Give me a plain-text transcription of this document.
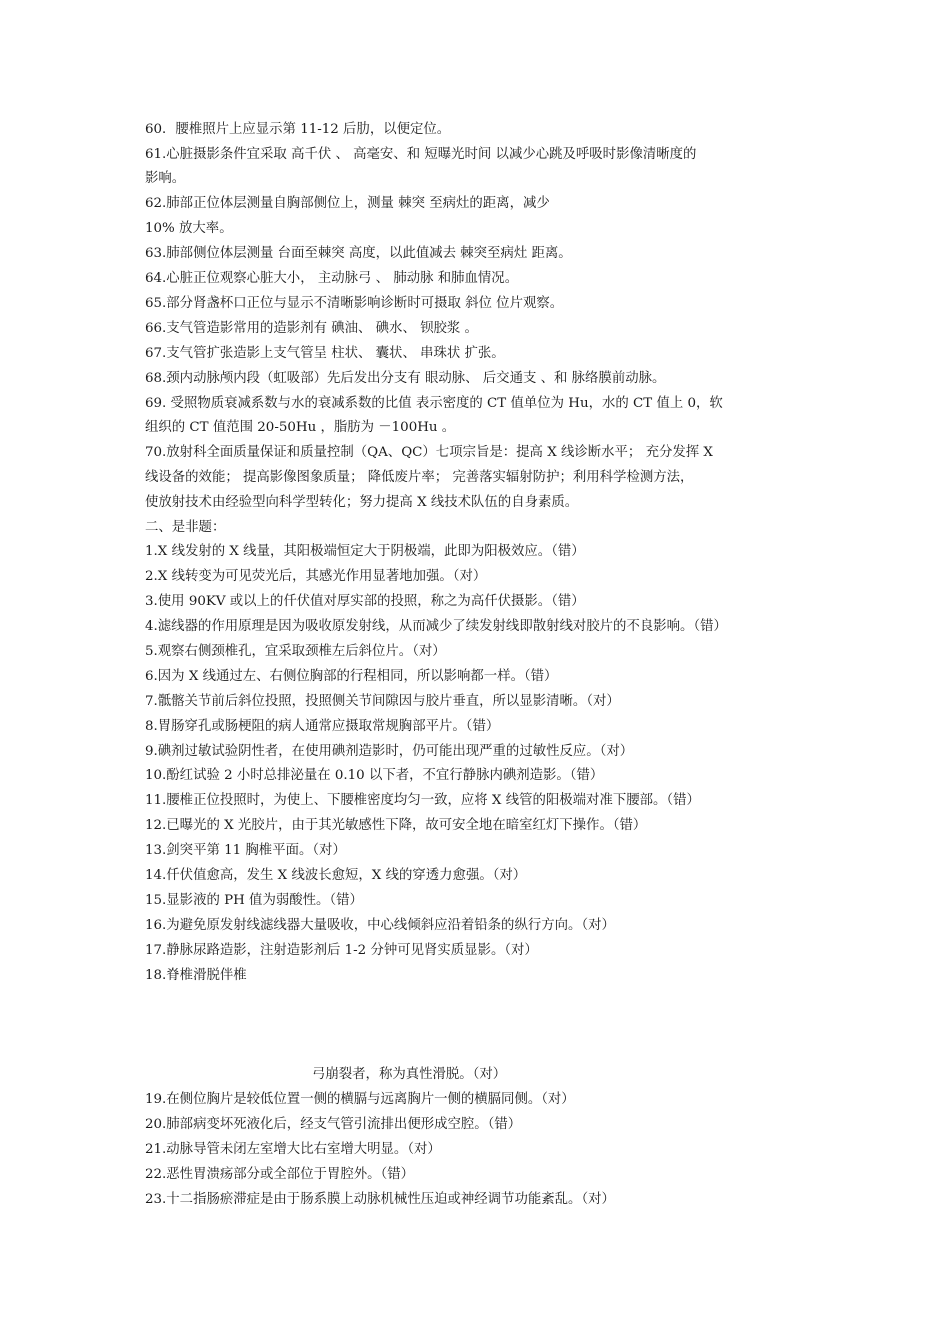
60．腰椎照片上应显示第 11-12 后肋，以便定位。
61.心脏摄影条件宜采取 高千伏 、 高毫安、和 短曝光时间 以减少心跳及呼吸时影像清晰度的
影响。
62.肺部正位体层测量自胸部侧位上，测量 棘突 至病灶的距离，减少
10% 放大率。
63.肺部侧位体层测量 台面至棘突 高度，以此值减去 棘突至病灶 距离。
64.心脏正位观察心脏大小， 主动脉弓 、 肺动脉 和肺血情况。
65.部分肾盏杯口正位与显示不清晰影响诊断时可摄取 斜位 位片观察。
66.支气管造影常用的造影剂有 碘油、 碘水、 钡胶浆 。
67.支气管扩张造影上支气管呈 柱状、 囊状、 串珠状 扩张。
68.颈内动脉颅内段（虹吸部）先后发出分支有 眼动脉、 后交通支 、和 脉络膜前动脉。
69. 受照物质衰减系数与水的衰减系数的比值 表示密度的 CT 值单位为 Hu，水的 CT 值上 0，软
组织的 CT 值范围 20-50Hu ，脂肪为 －100Hu 。
70.放射科全面质量保证和质量控制（QA、QC）七项宗旨是：提高 X 线诊断水平； 充分发挥 X
线设备的效能； 提高影像图象质量； 降低废片率； 完善落实辐射防护；利用科学检测方法，
使放射技术由经验型向科学型转化；努力提高 X 线技术队伍的自身素质。
二、是非题：
1.X 线发射的 X 线量，其阳极端恒定大于阴极端，此即为阳极效应。（错）
2.X 线转变为可见荧光后，其感光作用显著地加强。（对）
3.使用 90KV 或以上的仟伏值对厚实部的投照，称之为高仟伏摄影。（错）
4.滤线器的作用原理是因为吸收原发射线，从而减少了续发射线即散射线对胶片的不良影响。（错）
5.观察右侧颈椎孔，宜采取颈椎左后斜位片。（对）
6.因为 X 线通过左、右侧位胸部的行程相同，所以影响都一样。（错）
7.骶髂关节前后斜位投照，投照侧关节间隙因与胶片垂直，所以显影清晰。（对）
8.胃肠穿孔或肠梗阻的病人通常应摄取常规胸部平片。（错）
9.碘剂过敏试验阴性者，在使用碘剂造影时，仍可能出现严重的过敏性反应。（对）
10.酚红试验 2 小时总排泌量在 0.10 以下者，不宜行静脉内碘剂造影。（错）
11.腰椎正位投照时，为使上、下腰椎密度均匀一致，应将 X 线管的阳极端对准下腰部。（错）
12.已曝光的 X 光胶片，由于其光敏感性下降，故可安全地在暗室红灯下操作。（错）
13.剑突平第 11 胸椎平面。（对）
14.仟伏值愈高，发生 X 线波长愈短，X 线的穿透力愈强。（对）
15.显影液的 PH 值为弱酸性。（错）
16.为避免原发射线滤线器大量吸收，中心线倾斜应沿着铅条的纵行方向。（对）
17.静脉尿路造影，注射造影剂后 1-2 分钟可见肾实质显影。（对）
18.脊椎滑脱伴椎
弓崩裂者，称为真性滑脱。（对）
19.在侧位胸片是较低位置一侧的横膈与远离胸片一侧的横膈同侧。（对）
20.肺部病变坏死液化后，经支气管引流排出便形成空腔。（错）
21.动脉导管未闭左室增大比右室增大明显。（对）
22.恶性胃溃疡部分或全部位于胃腔外。（错）
23.十二指肠瘀滞症是由于肠系膜上动脉机械性压迫或神经调节功能紊乱。（对）
